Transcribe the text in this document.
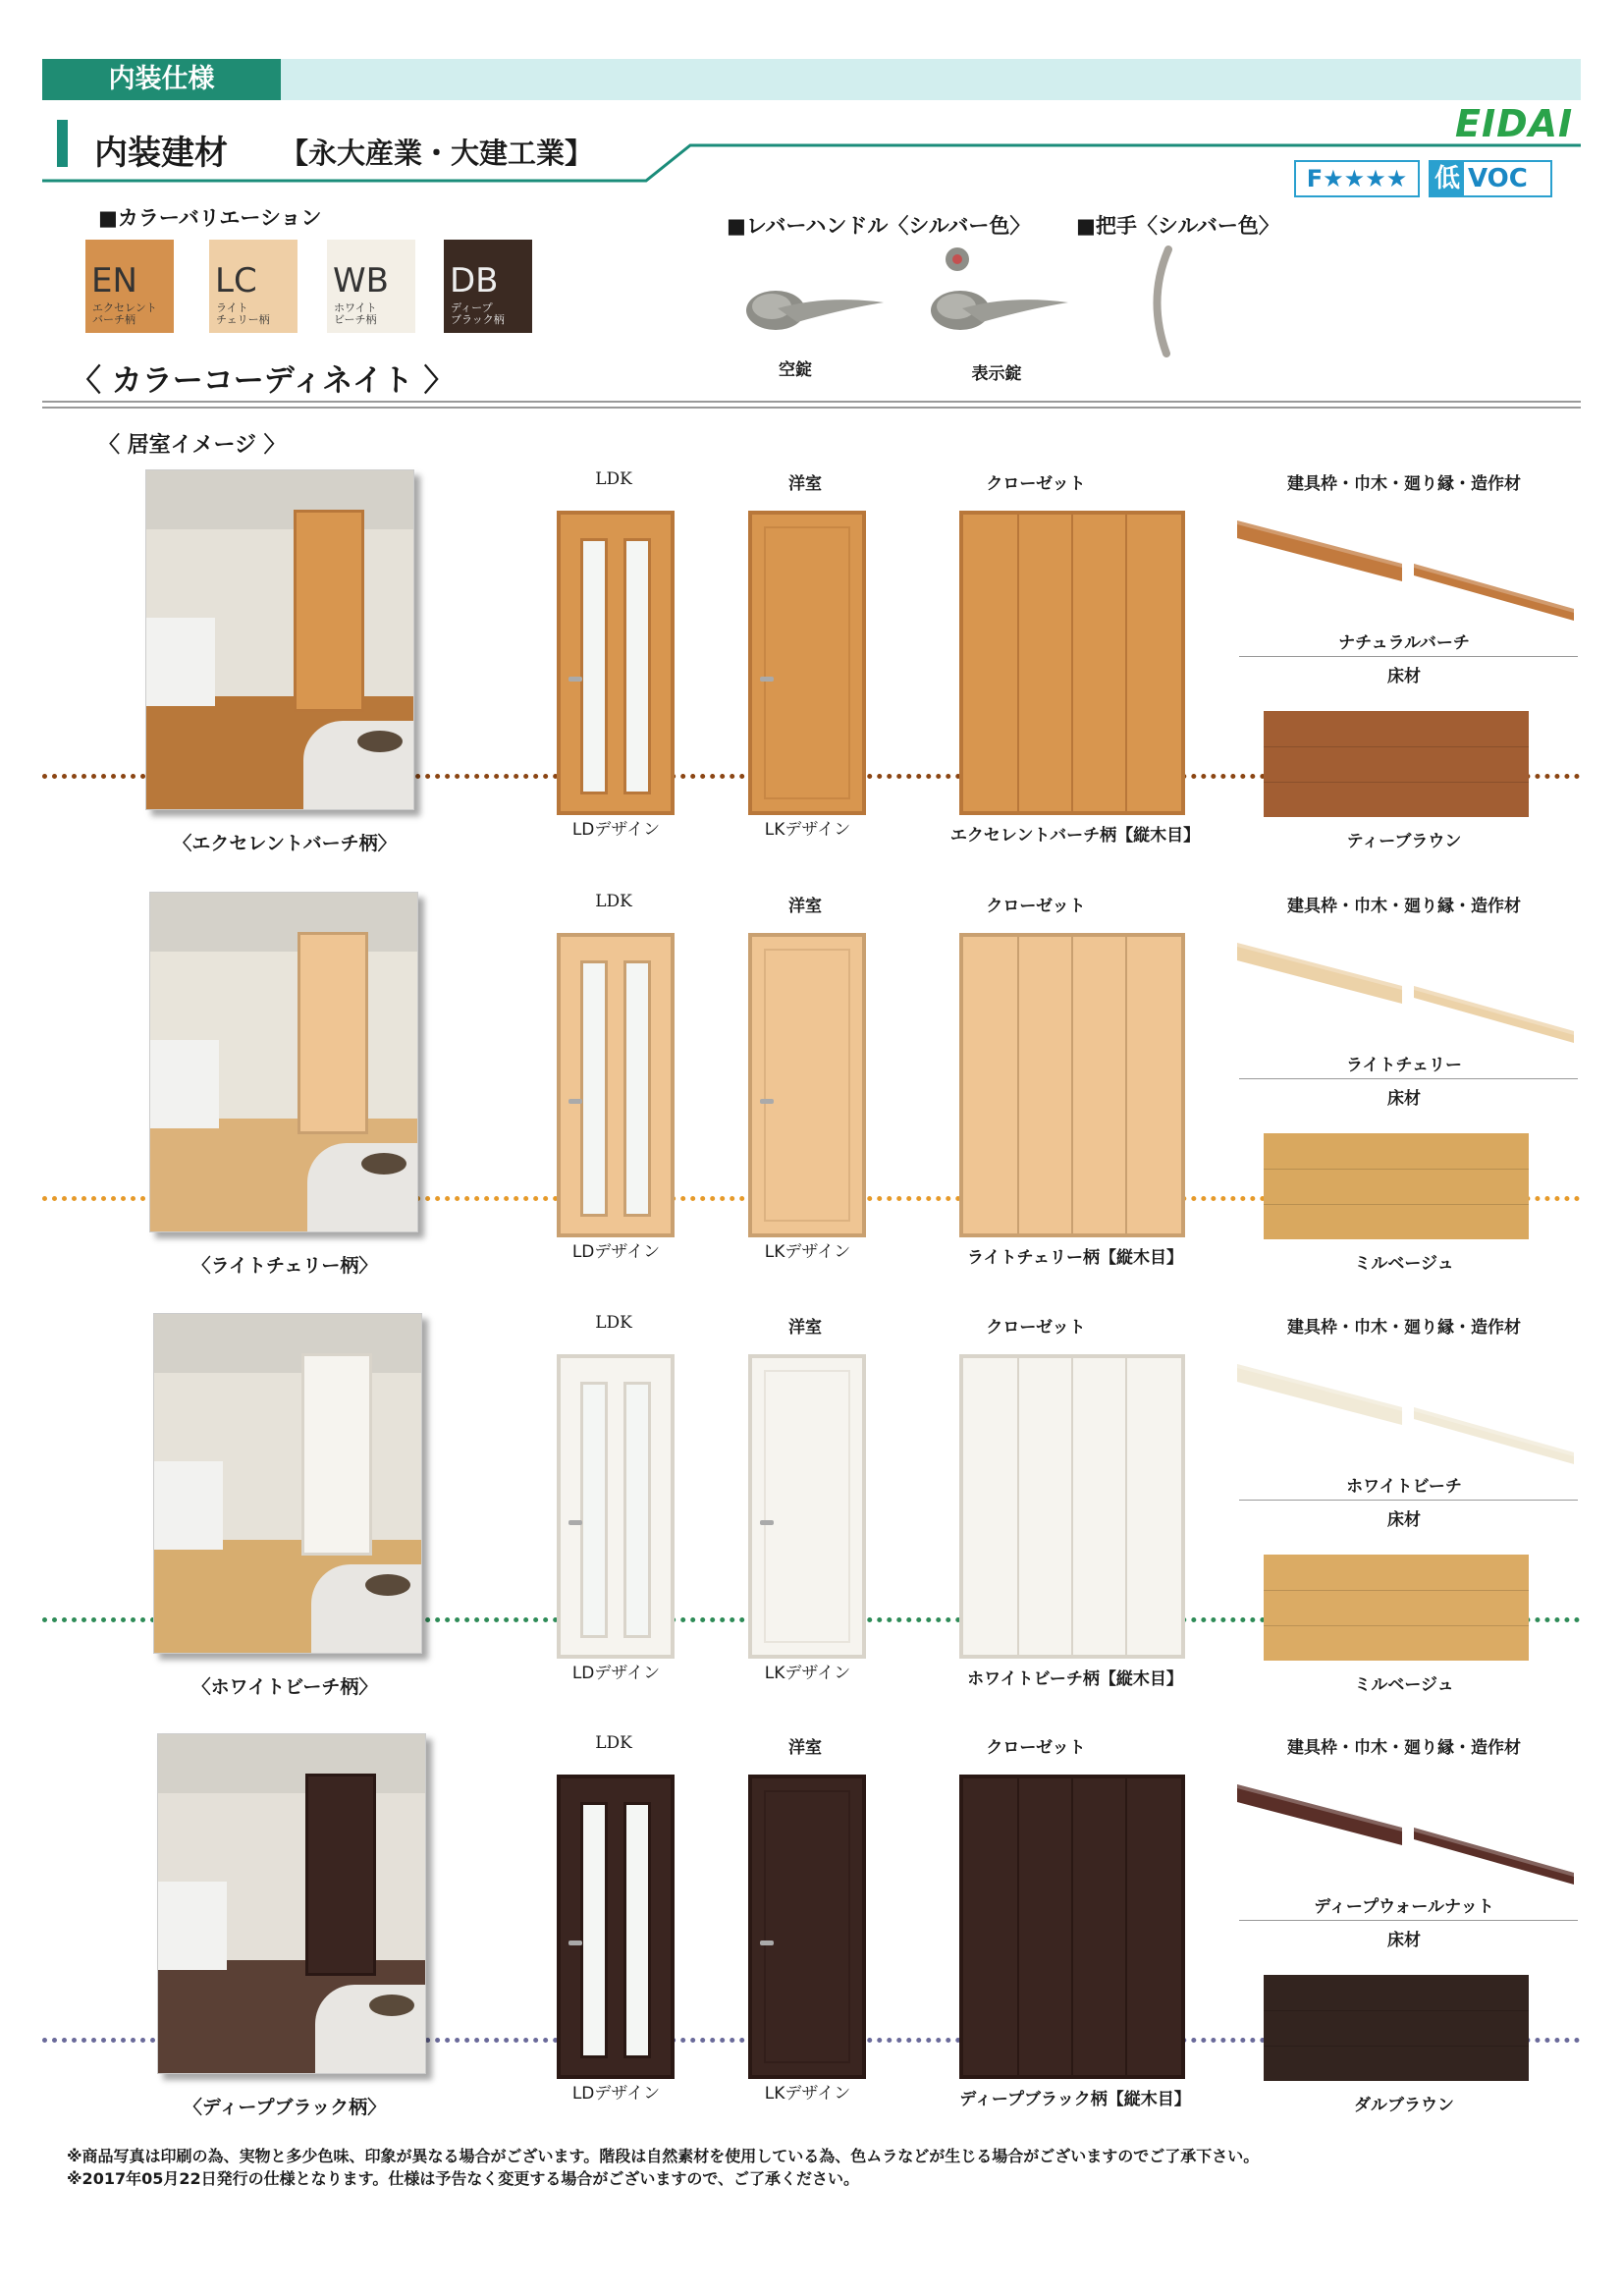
内装仕様
内装建材 【永大産業・大建工業】
EIDAI
F★★★★	低 VOC
■カラーバリエーション
EN
エクセレント
バーチ柄
LC
ライト
チェリー柄
WB
ホワイト
ビーチ柄
DB
ディープ
ブラック柄
■レバーハンドル〈シルバー色〉 ■把手〈シルバー色〉
空錠	表示錠
〈 カラーコーディネイト 〉
〈 居室イメージ 〉
〈エクセレントバーチ柄〉
LDK	洋室	クローゼット	建具枠・巾木・廻り縁・造作材
LDデザイン	LKデザイン	エクセレントバーチ柄【縦木目】
ナチュラルバーチ
床材
ティーブラウン
〈ライトチェリー柄〉
LDK	洋室	クローゼット	建具枠・巾木・廻り縁・造作材
LDデザイン	LKデザイン	ライトチェリー柄【縦木目】
ライトチェリー
床材
ミルベージュ
〈ホワイトビーチ柄〉
LDK	洋室	クローゼット	建具枠・巾木・廻り縁・造作材
LDデザイン	LKデザイン	ホワイトビーチ柄【縦木目】
ホワイトビーチ
床材
ミルベージュ
〈ディープブラック柄〉
LDK	洋室	クローゼット	建具枠・巾木・廻り縁・造作材
LDデザイン	LKデザイン	ディープブラック柄【縦木目】
ディープウォールナット
床材
ダルブラウン
※商品写真は印刷の為、実物と多少色味、印象が異なる場合がございます。階段は自然素材を使用している為、色ムラなどが生じる場合がございますのでご了承下さい。
※2017年05月22日発行の仕様となります。仕様は予告なく変更する場合がございますので、ご了承ください。
